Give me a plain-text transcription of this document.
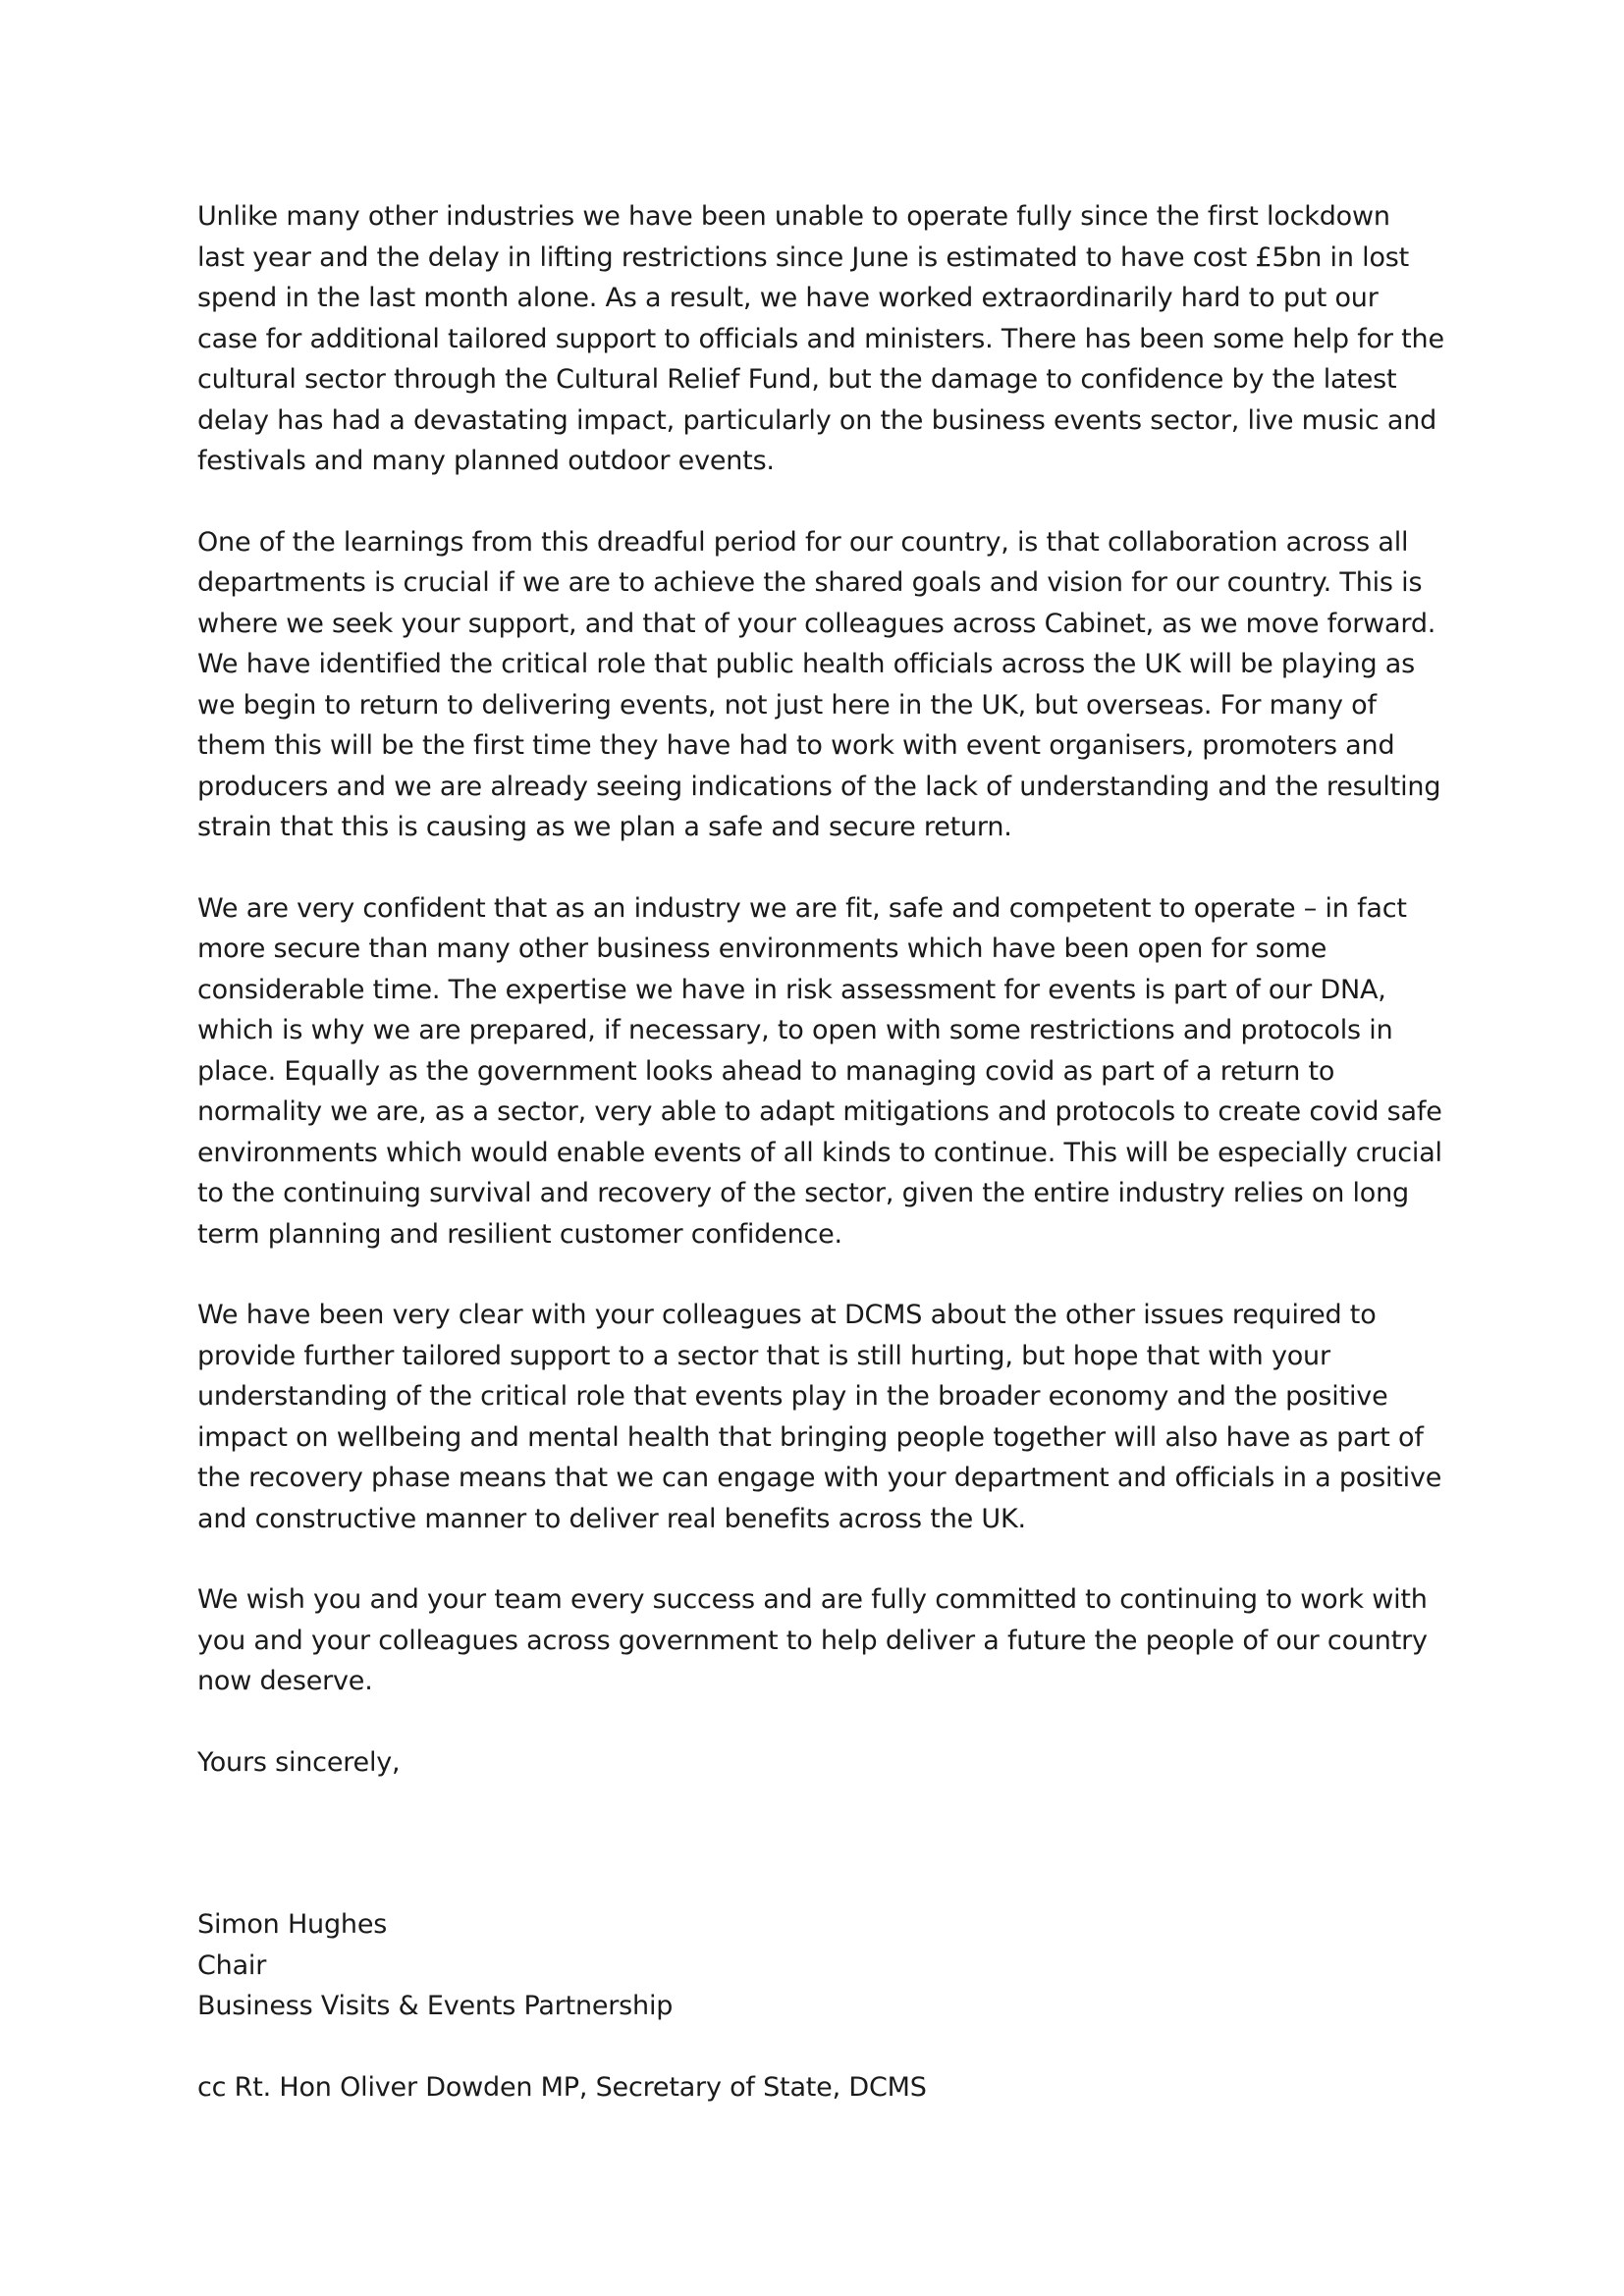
Unlike many other industries we have been unable to operate fully since the first lockdown last year and the delay in lifting restrictions since June is estimated to have cost £5bn in lost spend in the last month alone. As a result, we have worked extraordinarily hard to put our case for additional tailored support to officials and ministers. There has been some help for the cultural sector through the Cultural Relief Fund, but the damage to confidence by the latest delay has had a devastating impact, particularly on the business events sector, live music and festivals and many planned outdoor events.

One of the learnings from this dreadful period for our country, is that collaboration across all departments is crucial if we are to achieve the shared goals and vision for our country. This is where we seek your support, and that of your colleagues across Cabinet, as we move forward. We have identified the critical role that public health officials across the UK will be playing as we begin to return to delivering events, not just here in the UK, but overseas. For many of them this will be the first time they have had to work with event organisers, promoters and producers and we are already seeing indications of the lack of understanding and the resulting strain that this is causing as we plan a safe and secure return.

We are very confident that as an industry we are fit, safe and competent to operate – in fact more secure than many other business environments which have been open for some considerable time. The expertise we have in risk assessment for events is part of our DNA, which is why we are prepared, if necessary, to open with some restrictions and protocols in place. Equally as the government looks ahead to managing covid as part of a return to normality we are, as a sector, very able to adapt mitigations and protocols to create covid safe environments which would enable events of all kinds to continue. This will be especially crucial to the continuing survival and recovery of the sector, given the entire industry relies on long term planning and resilient customer confidence.

We have been very clear with your colleagues at DCMS about the other issues required to provide further tailored support to a sector that is still hurting, but hope that with your understanding of the critical role that events play in the broader economy and the positive impact on wellbeing and mental health that bringing people together will also have as part of the recovery phase means that we can engage with your department and officials in a positive and constructive manner to deliver real benefits across the UK.

We wish you and your team every success and are fully committed to continuing to work with you and your colleagues across government to help deliver a future the people of our country now deserve.

Yours sincerely,

Simon Hughes

Chair

Business Visits & Events Partnership

cc Rt. Hon Oliver Dowden MP, Secretary of State, DCMS
